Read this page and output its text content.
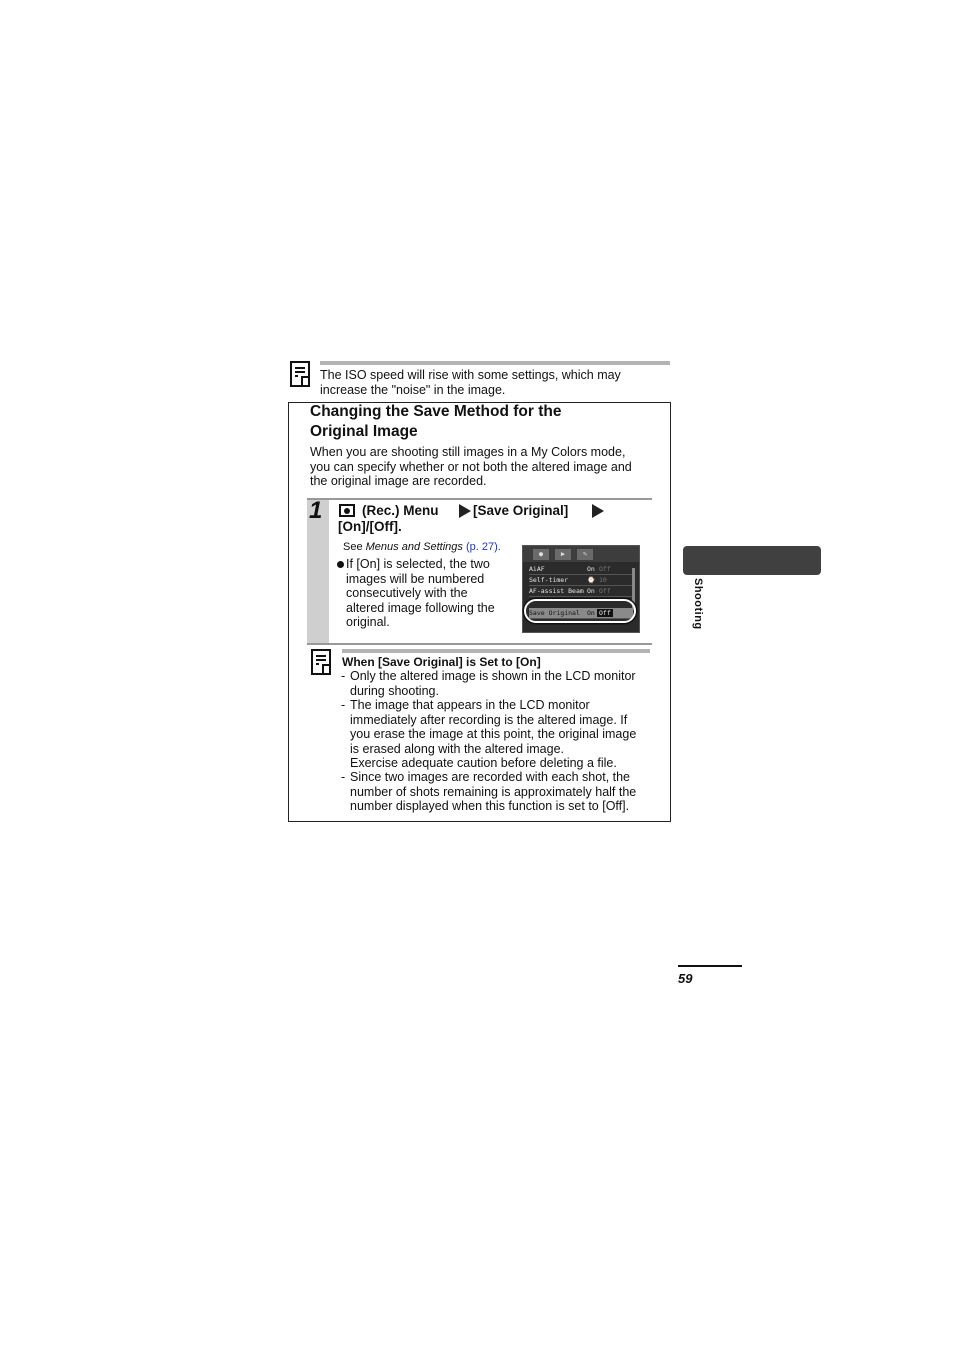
The ISO speed will rise with some settings, which may
increase the "noise" in the image.
Changing the Save Method for the
Original Image
When you are shooting still images in a My Colors mode,
you can specify whether or not both the altered image and
the original image are recorded.
1	(Rec.) Menu	[Save Original]
[On]/[Off].
See Menus and Settings (p. 27).
If [On] is selected, the two
images will be numbered
consecutively with the
altered image following the
original.
●	▶	✎
AiAF	On Off
Self-timer	⌚ 10
AF-assist Beam On Off
Save Original On Off
When [Save Original] is Set to [On]
- Only the altered image is shown in the LCD monitor
during shooting.
- The image that appears in the LCD monitor
immediately after recording is the altered image. If
you erase the image at this point, the original image
is erased along with the altered image.
Exercise adequate caution before deleting a file.
- Since two images are recorded with each shot, the
number of shots remaining is approximately half the
number displayed when this function is set to [Off].
Shooting
59
